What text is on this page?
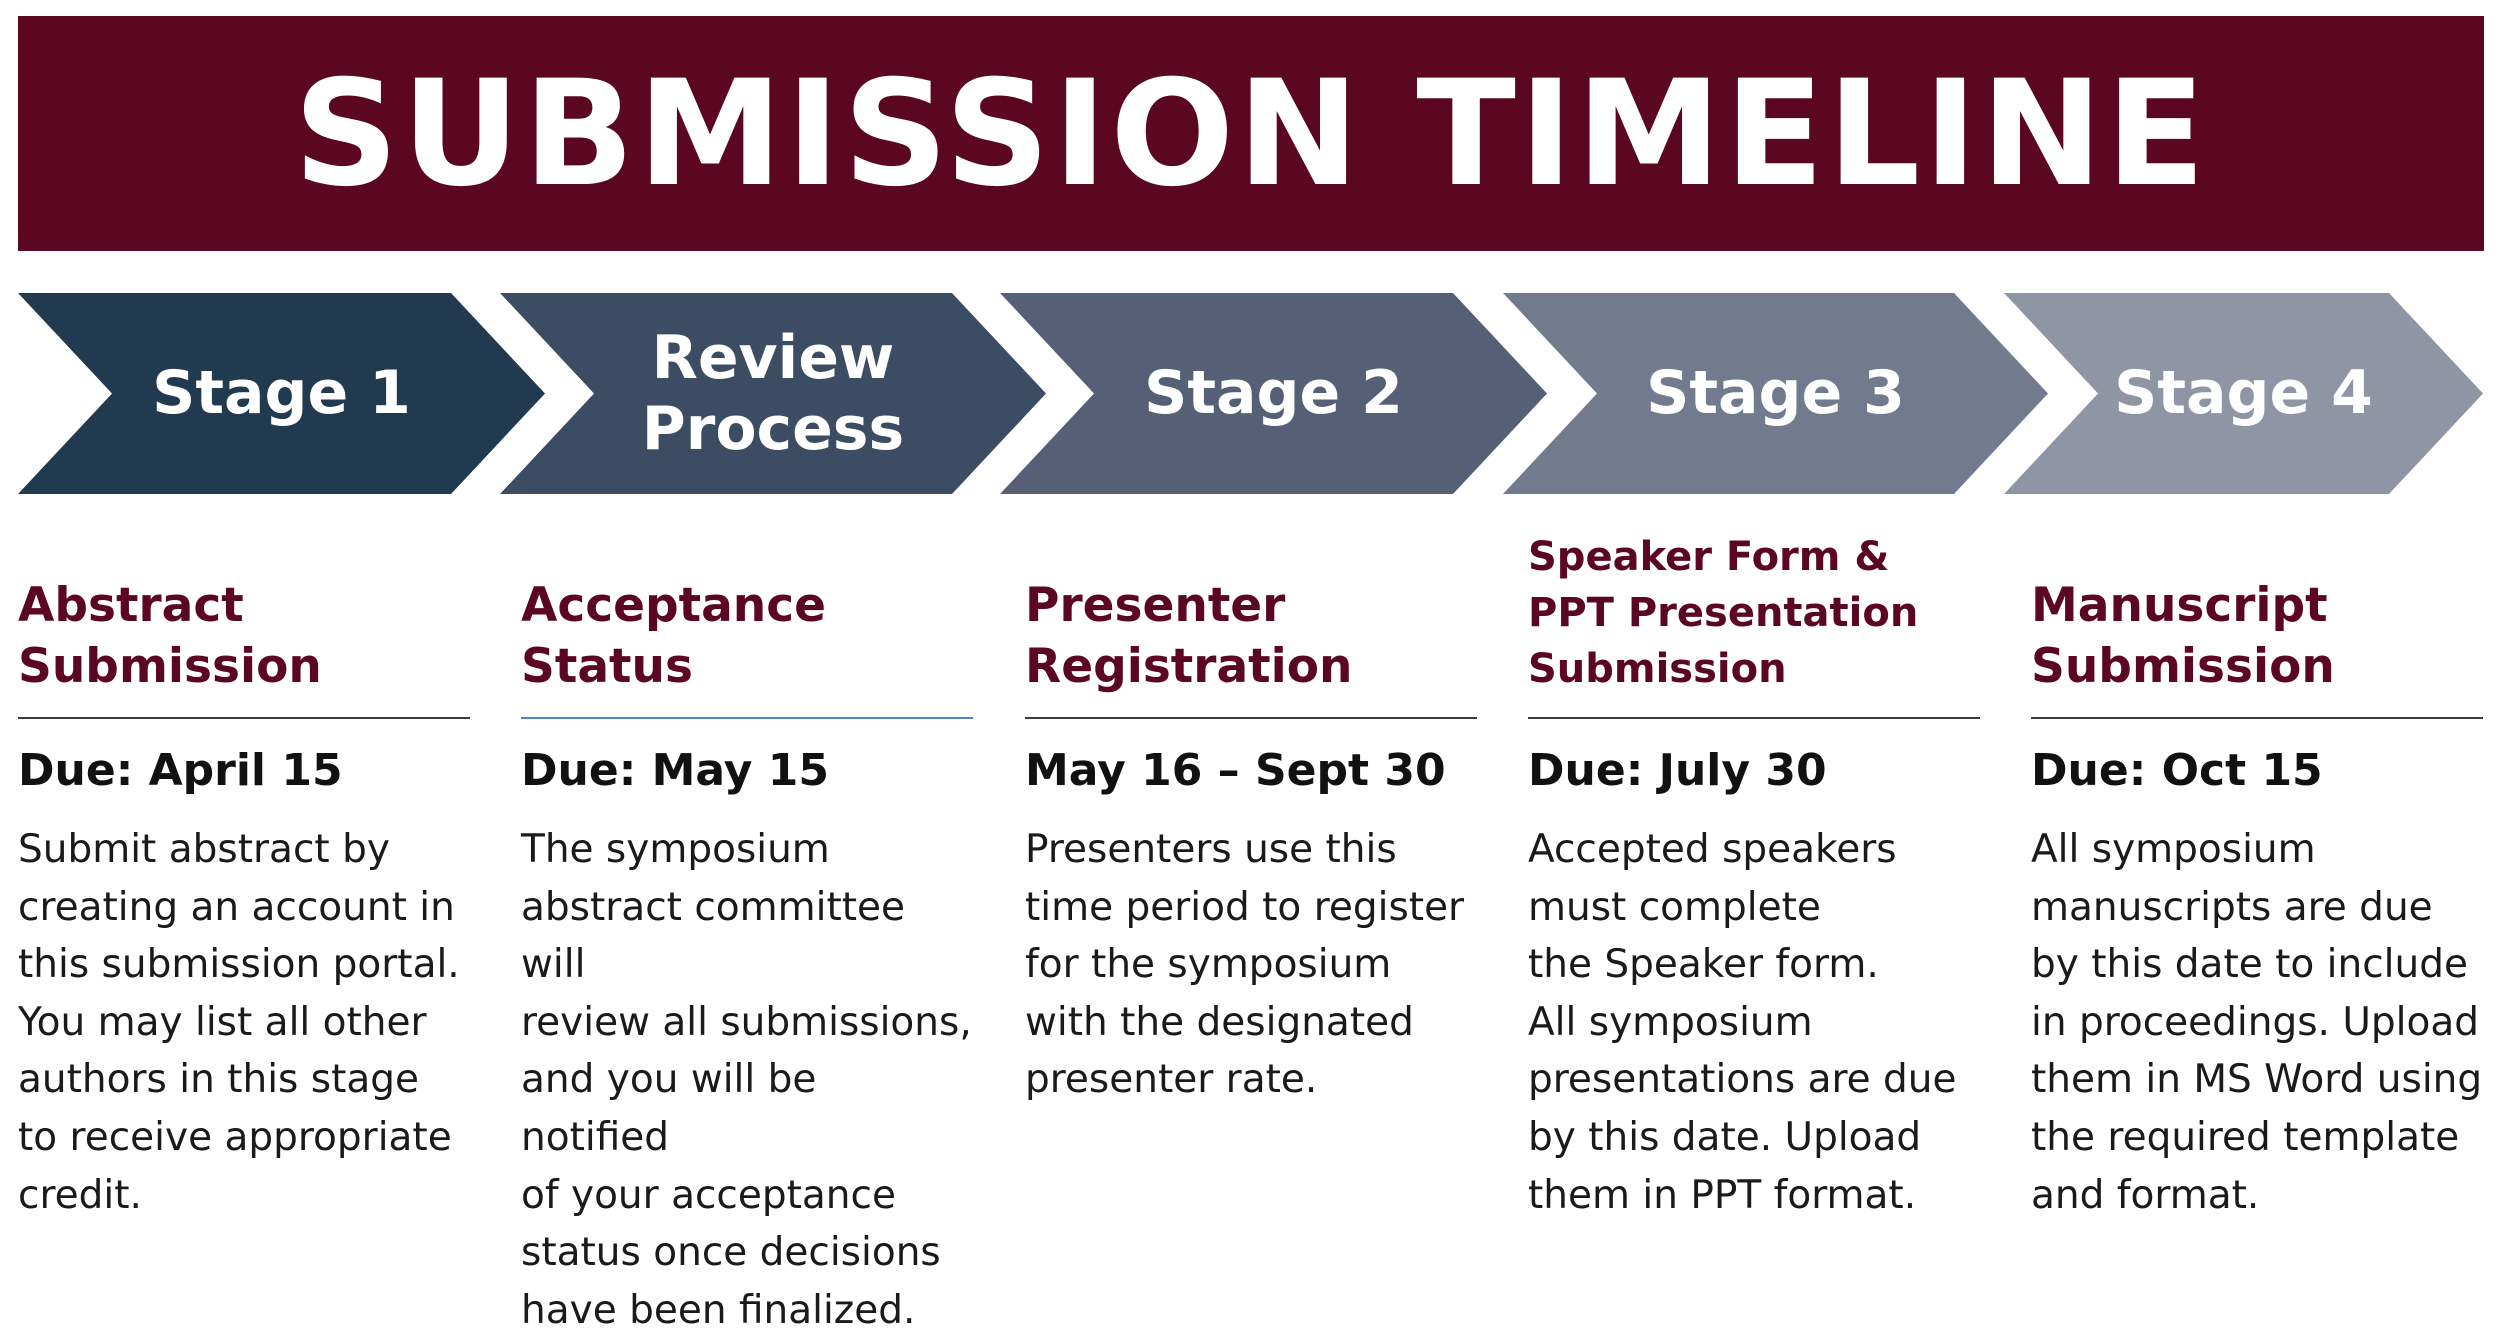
SUBMISSION TIMELINE
Stage 1
Review
Process
Stage 2	Stage 3	Stage 4

Abstract
Submission

Due: April 15

Submit abstract by
creating an account in
this submission portal.
You may list all other
authors in this stage
to receive appropriate
credit.

Acceptance
Status

Due: May 15

The symposium
abstract committee will
review all submissions,
and you will be notified
of your acceptance
status once decisions
have been finalized.

Presenter
Registration

May 16 – Sept 30

Presenters use this
time period to register
for the symposium
with the designated
presenter rate.

Speaker Form &
PPT Presentation
Submission

Due: July 30

Accepted speakers
must complete
the Speaker form.
All symposium
presentations are due
by this date. Upload
them in PPT format.

Manuscript
Submission

Due: Oct 15

All symposium
manuscripts are due
by this date to include
in proceedings. Upload
them in MS Word using
the required template
and format.
